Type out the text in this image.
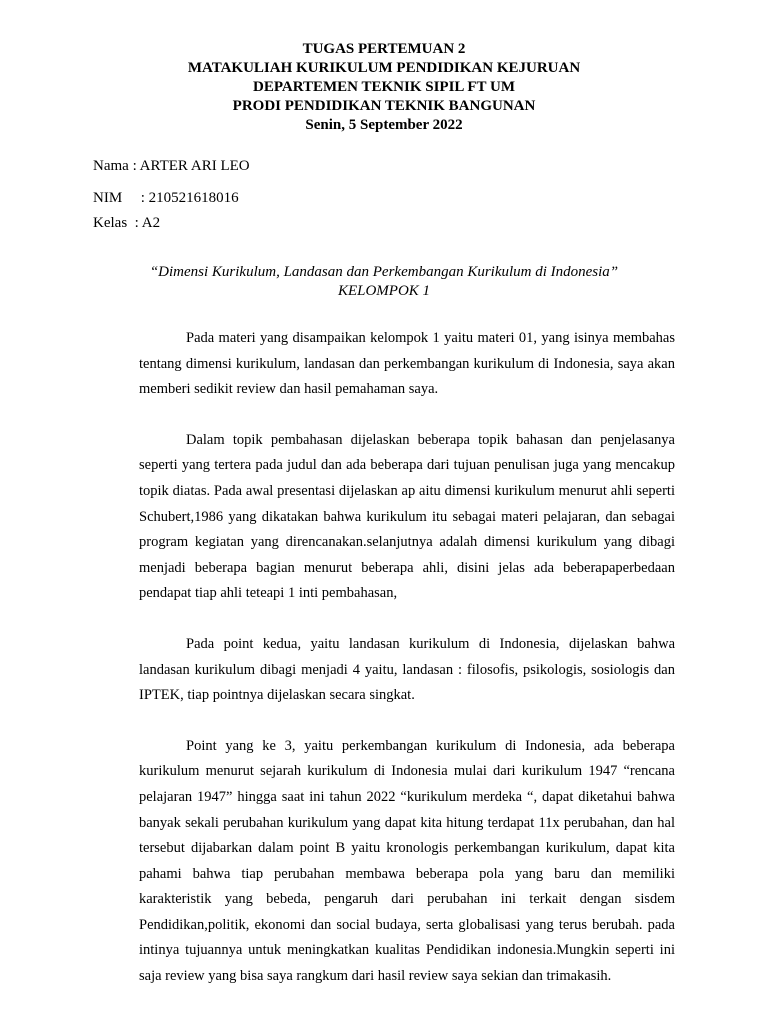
TUGAS PERTEMUAN 2
MATAKULIAH KURIKULUM PENDIDIKAN KEJURUAN
DEPARTEMEN TEKNIK SIPIL FT UM
PRODI PENDIDIKAN TEKNIK BANGUNAN
Senin, 5 September 2022
Nama : ARTER ARI LEO
NIM : 210521618016
Kelas : A2
“Dimensi Kurikulum, Landasan dan Perkembangan Kurikulum di Indonesia”
KELOMPOK 1

Pada materi yang disampaikan kelompok 1 yaitu materi 01, yang isinya membahas tentang dimensi kurikulum, landasan dan perkembangan kurikulum di Indonesia, saya akan memberi sedikit review dan hasil pemahaman saya.

Dalam topik pembahasan dijelaskan beberapa topik bahasan dan penjelasanya seperti yang tertera pada judul dan ada beberapa dari tujuan penulisan juga yang mencakup topik diatas. Pada awal presentasi dijelaskan ap aitu dimensi kurikulum menurut ahli seperti Schubert,1986 yang dikatakan bahwa kurikulum itu sebagai materi pelajaran, dan sebagai program kegiatan yang direncanakan.selanjutnya adalah dimensi kurikulum yang dibagi menjadi beberapa bagian menurut beberapa ahli, disini jelas ada beberapaperbedaan pendapat tiap ahli teteapi 1 inti pembahasan,

Pada point kedua, yaitu landasan kurikulum di Indonesia, dijelaskan bahwa landasan kurikulum dibagi menjadi 4 yaitu, landasan : filosofis, psikologis, sosiologis dan IPTEK, tiap pointnya dijelaskan secara singkat.

Point yang ke 3, yaitu perkembangan kurikulum di Indonesia, ada beberapa kurikulum menurut sejarah kurikulum di Indonesia mulai dari kurikulum 1947 “rencana pelajaran 1947” hingga saat ini tahun 2022 “kurikulum merdeka “, dapat diketahui bahwa banyak sekali perubahan kurikulum yang dapat kita hitung terdapat 11x perubahan, dan hal tersebut dijabarkan dalam point B yaitu kronologis perkembangan kurikulum, dapat kita pahami bahwa tiap perubahan membawa beberapa pola yang baru dan memiliki karakteristik yang bebeda, pengaruh dari perubahan ini terkait dengan sisdem Pendidikan,politik, ekonomi dan social budaya, serta globalisasi yang terus berubah. pada intinya tujuannya untuk meningkatkan kualitas Pendidikan indonesia.Mungkin seperti ini saja review yang bisa saya rangkum dari hasil review saya sekian dan trimakasih.
